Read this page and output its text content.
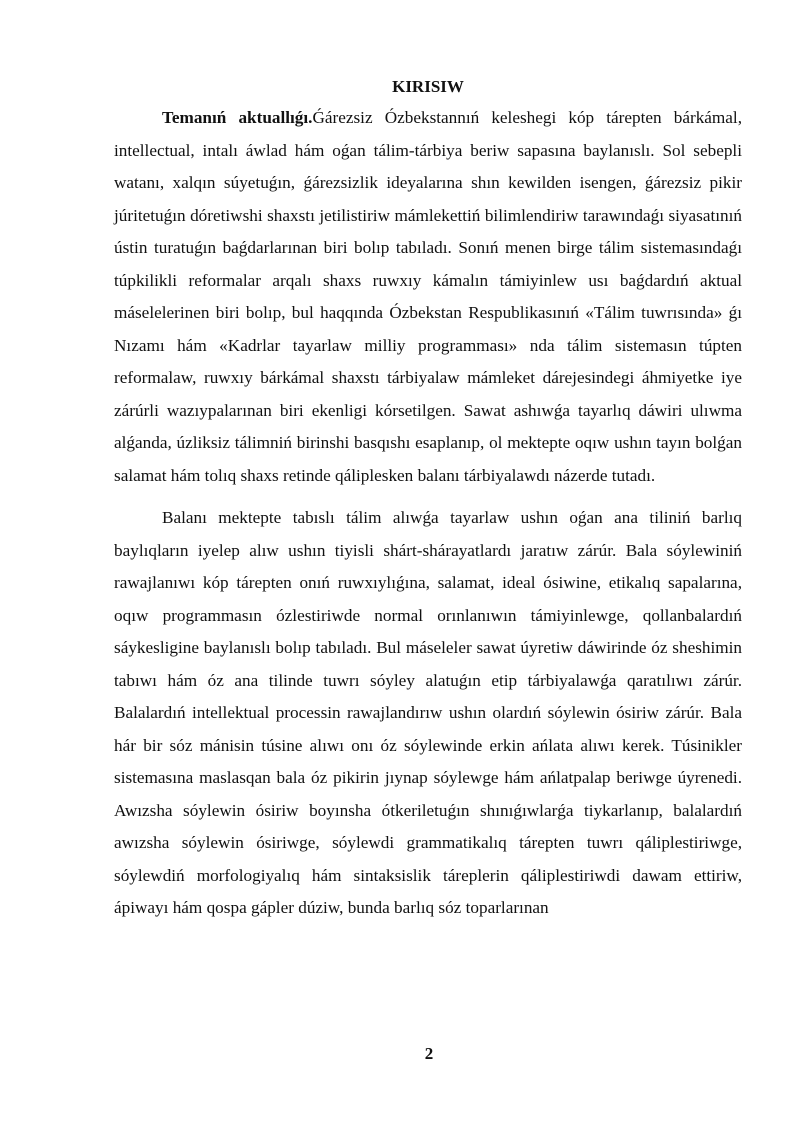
KIRISIW

Temanıń aktuallıǵı.Ǵárezsiz Ózbekstannıń keleshegi kóp tárepten bárkámal, intellectual, intalı áwlad hám oǵan tálim-tárbiya beriw sapasına baylanıslı. Sol sebepli watanı, xalqın súyetuǵın, ǵárezsizlik ideyalarına shın kewilden isengen, ǵárezsiz pikir júritetuǵın dóretiwshi shaxstı jetilistiriw mámlekettiń bilimlendiriw tarawındaǵı siyasatınıń ústin turatuǵın baǵdarlarınan biri bolıp tabıladı. Sonıń menen birge tálim sistemasındaǵı túpkilikli reformalar arqalı shaxs ruwxıy kámalın támiyinlew usı baǵdardıń aktual máselelerinen biri bolıp, bul haqqında Ózbekstan Respublikasınıń «Tálim tuwrısında» ǵı Nızamı hám «Kadrlar tayarlaw milliy programması» nda tálim sistemasın túpten reformalaw, ruwxıy bárkámal shaxstı tárbiyalaw mámleket dárejesindegi áhmiyetke iye zárúrli wazıypalarınan biri ekenligi kórsetilgen. Sawat ashıwǵa tayarlıq dáwiri ulıwma alǵanda, úzliksiz tálimniń birinshi basqıshı esaplanıp, ol mektepte oqıw ushın tayın bolǵan salamat hám tolıq shaxs retinde qáliplesken balanı tárbiyalawdı názerde tutadı.

Balanı mektepte tabıslı tálim alıwǵa tayarlaw ushın oǵan ana tiliniń barlıq baylıqların iyelep alıw ushın tiyisli shárt-shárayatlardı jaratıw zárúr. Bala sóylewiniń rawajlanıwı kóp tárepten onıń ruwxıylıǵına, salamat, ideal ósiwine, etikalıq sapalarına, oqıw programmasın ózlestiriwde normal orınlanıwın támiyinlewge, qollanbalardıń sáykesligine baylanıslı bolıp tabıladı. Bul máseleler sawat úyretiw dáwirinde óz sheshimin tabıwı hám óz ana tilinde tuwrı sóyley alatuǵın etip tárbiyalawǵa qaratılıwı zárúr. Balalardıń intellektual processin rawajlandırıw ushın olardıń sóylewin ósiriw zárúr. Bala hár bir sóz mánisin túsine alıwı onı óz sóylewinde erkin ańlata alıwı kerek. Túsinikler sistemasına maslasqan bala óz pikirin jıynap sóylewge hám ańlatpalap beriwge úyrenedi. Awızsha sóylewin ósiriw boyınsha ótkeriletuǵın shınıǵıwlarǵa tiykarlanıp, balalardıń awızsha sóylewin ósiriwge, sóylewdi grammatikalıq tárepten tuwrı qáliplestiriwge, sóylewdiń morfologiyalıq hám sintaksislik táreplerin qáliplestiriwdi dawam ettiriw, ápiwayı hám qospa gápler dúziw, bunda barlıq sóz toparlarınan

2
